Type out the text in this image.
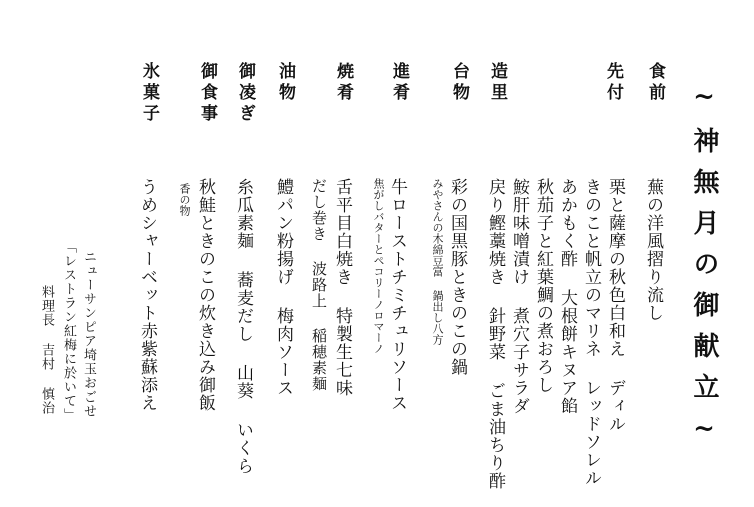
~神無月の御献立~
食前
蕪の洋風摺り流し
先付
栗と薩摩の秋色白和え ディル
きのこと帆立のマリネ レッドソレル
あかもく酢 大根餅キヌア餡
秋茄子と紅葉鯛の煮おろし
鮟肝味噌漬け 煮穴子サラダ
造里
戻り鰹藁焼き 針野菜 ごま油ちり酢
台物
彩の国黒豚ときのこの鍋
みやさんの木綿豆富 鍋出し八方
進肴
牛ローストチミチュリソース
焦がしバターとペコリーノロマーノ
焼肴
舌平目白焼き 特製生七味
だし巻き 波路上 稲穂素麺
油物
鱧パン粉揚げ 梅肉ソース
御凌ぎ
糸瓜素麺 蕎麦だし 山葵 いくら
御食事
秋鮭ときのこの炊き込み御飯
香の物
氷菓子
うめシャーベット赤紫蘇添え
ニューサンピア埼玉おごせ
「レストラン紅梅に於いて」
料理長 吉村 慎治
